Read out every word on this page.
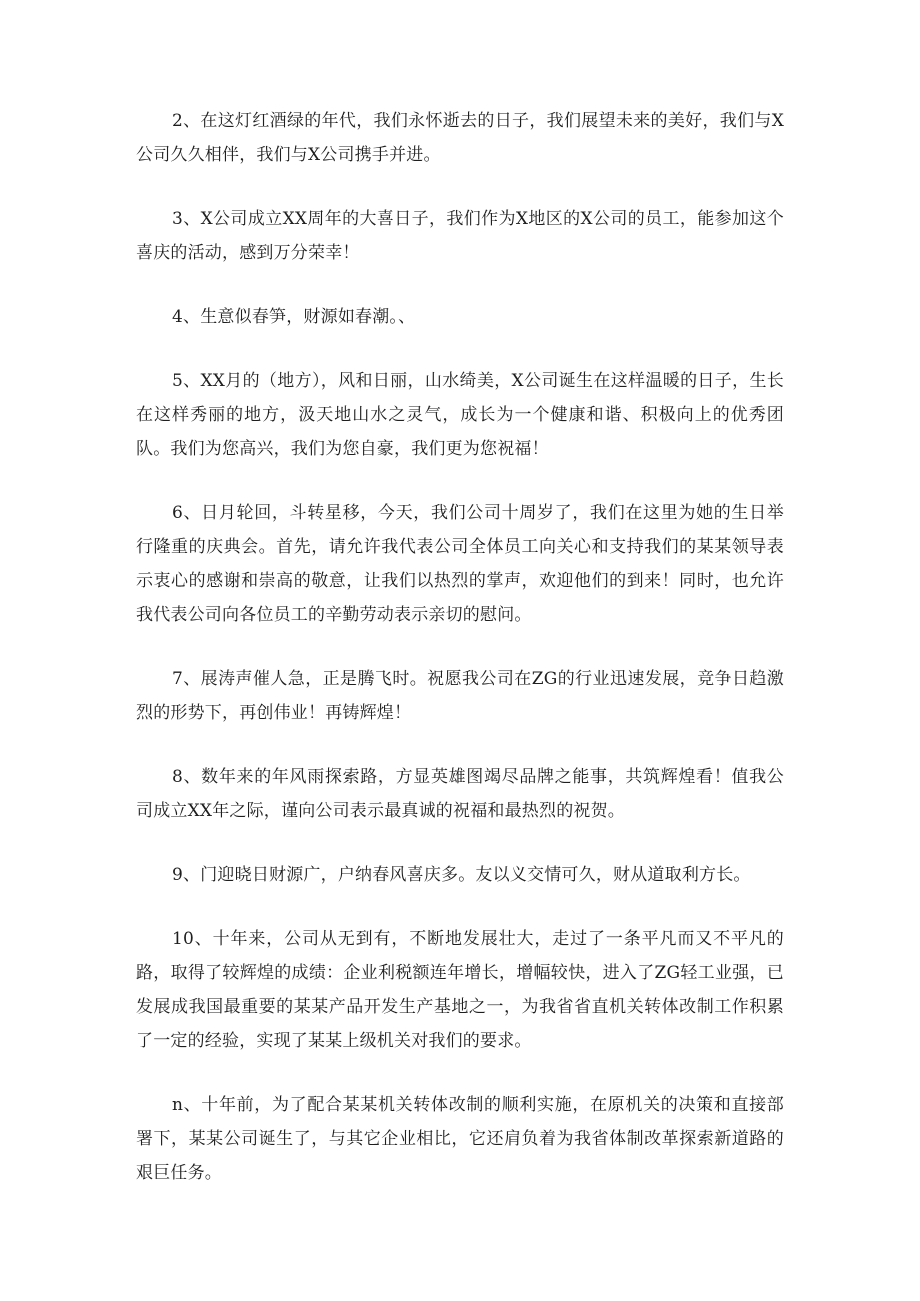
2、在这灯红酒绿的年代，我们永怀逝去的日子，我们展望未来的美好，我们与X公司久久相伴，我们与X公司携手并进。

3、X公司成立XX周年的大喜日子，我们作为X地区的X公司的员工，能参加这个喜庆的活动，感到万分荣幸！

4、生意似春笋，财源如春潮。、

5、XX月的（地方），风和日丽，山水绮美，X公司诞生在这样温暖的日子，生长在这样秀丽的地方，汲天地山水之灵气，成长为一个健康和谐、积极向上的优秀团队。我们为您高兴，我们为您自豪，我们更为您祝福！

6、日月轮回，斗转星移，今天，我们公司十周岁了，我们在这里为她的生日举行隆重的庆典会。首先，请允许我代表公司全体员工向关心和支持我们的某某领导表示衷心的感谢和崇高的敬意，让我们以热烈的掌声，欢迎他们的到来！同时，也允许我代表公司向各位员工的辛勤劳动表示亲切的慰问。

7、展涛声催人急，正是腾飞时。祝愿我公司在ZG的行业迅速发展，竞争日趋激烈的形势下，再创伟业！再铸辉煌！

8、数年来的年风雨探索路，方显英雄图竭尽品牌之能事，共筑辉煌看！值我公司成立XX年之际，谨向公司表示最真诚的祝福和最热烈的祝贺。

9、门迎晓日财源广，户纳春风喜庆多。友以义交情可久，财从道取利方长。

10、十年来，公司从无到有，不断地发展壮大，走过了一条平凡而又不平凡的路，取得了较辉煌的成绩：企业利税额连年增长，增幅较快，进入了ZG轻工业强，已发展成我国最重要的某某产品开发生产基地之一，为我省省直机关转体改制工作积累了一定的经验，实现了某某上级机关对我们的要求。

n、十年前，为了配合某某机关转体改制的顺利实施，在原机关的决策和直接部署下，某某公司诞生了，与其它企业相比，它还肩负着为我省体制改革探索新道路的艰巨任务。
